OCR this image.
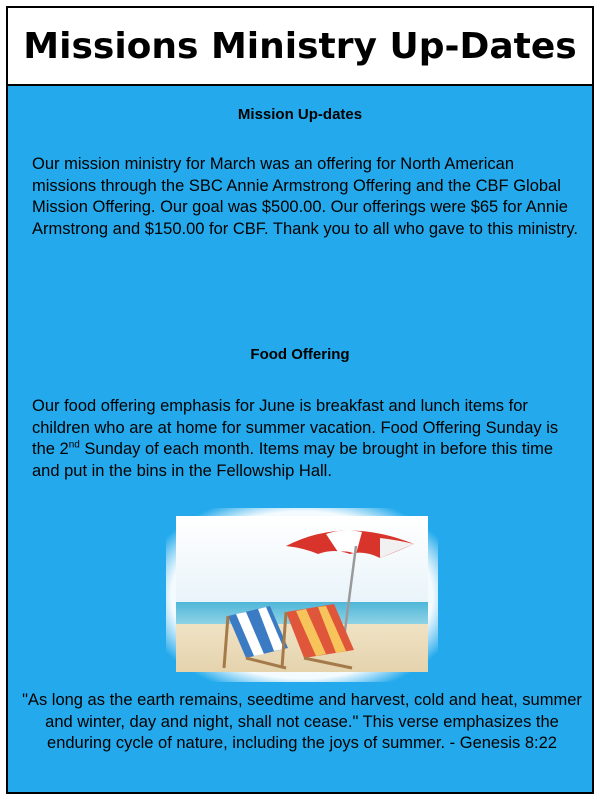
Missions Ministry Up-Dates
Mission Up-dates

Our mission ministry for March was an offering for North American missions through the SBC Annie Armstrong Offering and the CBF Global Mission Offering. Our goal was $500.00. Our offerings were $65 for Annie Armstrong and $150.00 for CBF. Thank you to all who gave to this ministry.

Food Offering

Our food offering emphasis for June is breakfast and lunch items for children who are at home for summer vacation. Food Offering Sunday is the 2nd Sunday of each month. Items may be brought in before this time and put in the bins in the Fellowship Hall.

"As long as the earth remains, seedtime and harvest, cold and heat, summer and winter, day and night, shall not cease." This verse emphasizes the enduring cycle of nature, including the joys of summer. - Genesis 8:22
